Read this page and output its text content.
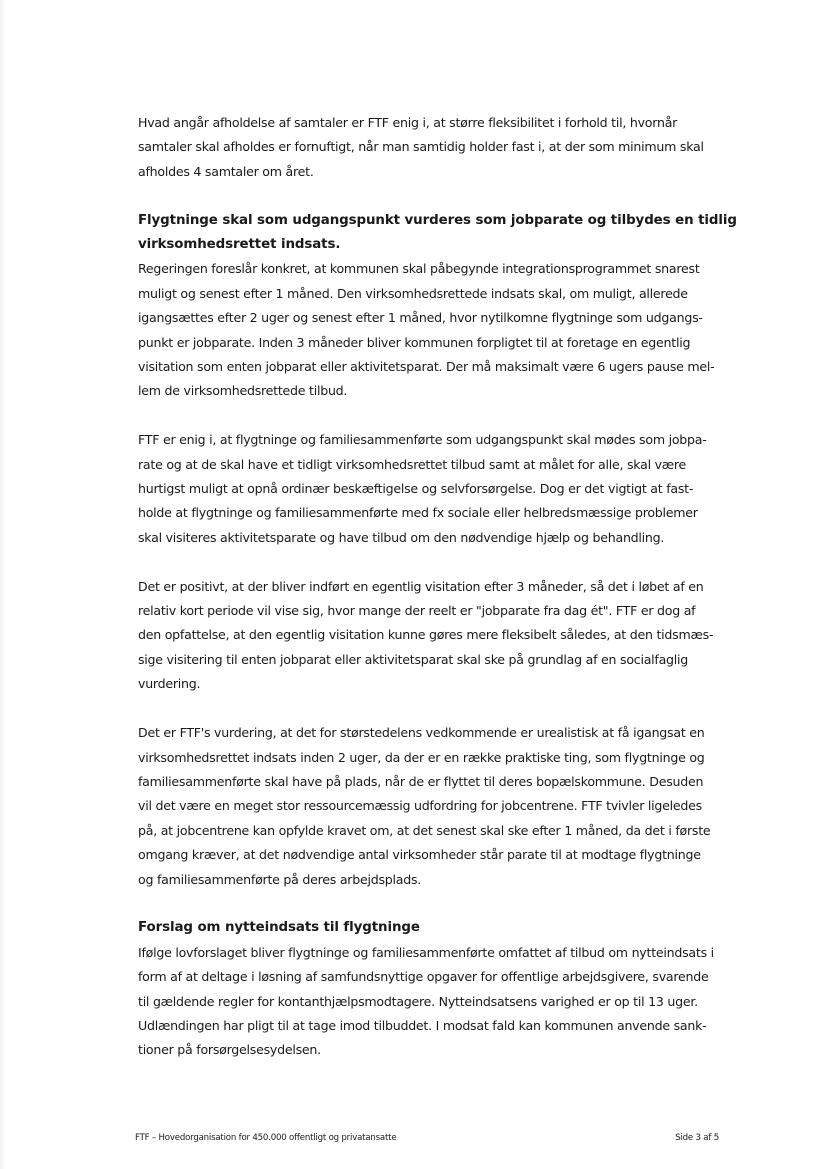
Hvad angår afholdelse af samtaler er FTF enig i, at større fleksibilitet i forhold til, hvornår
samtaler skal afholdes er fornuftigt, når man samtidig holder fast i, at der som minimum skal
afholdes 4 samtaler om året.
Flygtninge skal som udgangspunkt vurderes som jobparate og tilbydes en tidlig
virksomhedsrettet indsats.
Regeringen foreslår konkret, at kommunen skal påbegynde integrationsprogrammet snarest
muligt og senest efter 1 måned. Den virksomhedsrettede indsats skal, om muligt, allerede
igangsættes efter 2 uger og senest efter 1 måned, hvor nytilkomne flygtninge som udgangs-
punkt er jobparate. Inden 3 måneder bliver kommunen forpligtet til at foretage en egentlig
visitation som enten jobparat eller aktivitetsparat. Der må maksimalt være 6 ugers pause mel-
lem de virksomhedsrettede tilbud.
FTF er enig i, at flygtninge og familiesammenførte som udgangspunkt skal mødes som jobpa-
rate og at de skal have et tidligt virksomhedsrettet tilbud samt at målet for alle, skal være
hurtigst muligt at opnå ordinær beskæftigelse og selvforsørgelse. Dog er det vigtigt at fast-
holde at flygtninge og familiesammenførte med fx sociale eller helbredsmæssige problemer
skal visiteres aktivitetsparate og have tilbud om den nødvendige hjælp og behandling.
Det er positivt, at der bliver indført en egentlig visitation efter 3 måneder, så det i løbet af en
relativ kort periode vil vise sig, hvor mange der reelt er "jobparate fra dag ét". FTF er dog af
den opfattelse, at den egentlig visitation kunne gøres mere fleksibelt således, at den tidsmæs-
sige visitering til enten jobparat eller aktivitetsparat skal ske på grundlag af en socialfaglig
vurdering.
Det er FTF's vurdering, at det for størstedelens vedkommende er urealistisk at få igangsat en
virksomhedsrettet indsats inden 2 uger, da der er en række praktiske ting, som flygtninge og
familiesammenførte skal have på plads, når de er flyttet til deres bopælskommune. Desuden
vil det være en meget stor ressourcemæssig udfordring for jobcentrene. FTF tvivler ligeledes
på, at jobcentrene kan opfylde kravet om, at det senest skal ske efter 1 måned, da det i første
omgang kræver, at det nødvendige antal virksomheder står parate til at modtage flygtninge
og familiesammenførte på deres arbejdsplads.
Forslag om nytteindsats til flygtninge
Ifølge lovforslaget bliver flygtninge og familiesammenførte omfattet af tilbud om nytteindsats i
form af at deltage i løsning af samfundsnyttige opgaver for offentlige arbejdsgivere, svarende
til gældende regler for kontanthjælpsmodtagere. Nytteindsatsens varighed er op til 13 uger.
Udlændingen har pligt til at tage imod tilbuddet. I modsat fald kan kommunen anvende sank-
tioner på forsørgelsesydelsen.
FTF – Hovedorganisation for 450.000 offentligt og privatansatte	Side 3 af 5
